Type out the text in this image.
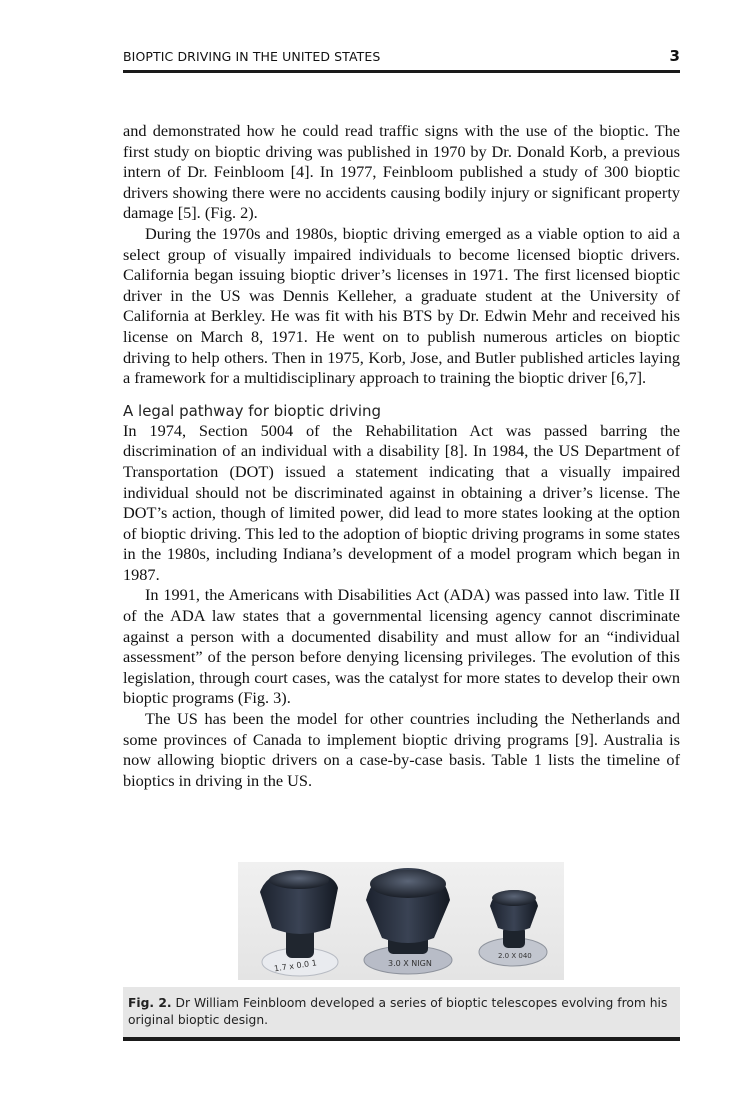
BIOPTIC DRIVING IN THE UNITED STATES	3

and demonstrated how he could read traffic signs with the use of the bioptic. The first study on bioptic driving was published in 1970 by Dr. Donald Korb, a previous intern of Dr. Feinbloom [4]. In 1977, Feinbloom published a study of 300 bioptic drivers showing there were no accidents causing bodily injury or significant property damage [5]. (Fig. 2).

During the 1970s and 1980s, bioptic driving emerged as a viable option to aid a select group of visually impaired individuals to become licensed bioptic drivers. California began issuing bioptic driver’s licenses in 1971. The first licensed bioptic driver in the US was Dennis Kelleher, a graduate student at the University of California at Berkley. He was fit with his BTS by Dr. Edwin Mehr and received his license on March 8, 1971. He went on to publish numerous articles on bioptic driving to help others. Then in 1975, Korb, Jose, and Butler published articles laying a framework for a multidisciplinary approach to training the bioptic driver [6,7].

A legal pathway for bioptic driving

In 1974, Section 5004 of the Rehabilitation Act was passed barring the discrimination of an individual with a disability [8]. In 1984, the US Department of Transportation (DOT) issued a statement indicating that a visually impaired individual should not be discriminated against in obtaining a driver’s license. The DOT’s action, though of limited power, did lead to more states looking at the option of bioptic driving. This led to the adoption of bioptic driving programs in some states in the 1980s, including Indiana’s development of a model program which began in 1987.

In 1991, the Americans with Disabilities Act (ADA) was passed into law. Title II of the ADA law states that a governmental licensing agency cannot discriminate against a person with a documented disability and must allow for an “individual assessment” of the person before denying licensing privileges. The evolution of this legislation, through court cases, was the catalyst for more states to develop their own bioptic programs (Fig. 3).

The US has been the model for other countries including the Netherlands and some provinces of Canada to implement bioptic driving programs [9]. Australia is now allowing bioptic drivers on a case-by-case basis. Table 1 lists the timeline of bioptics in driving in the US.

1.7 x 0.0 1	3.0 X NIGN
2.0 X 040
Fig. 2. Dr William Feinbloom developed a series of bioptic telescopes evolving from his original bioptic design.
